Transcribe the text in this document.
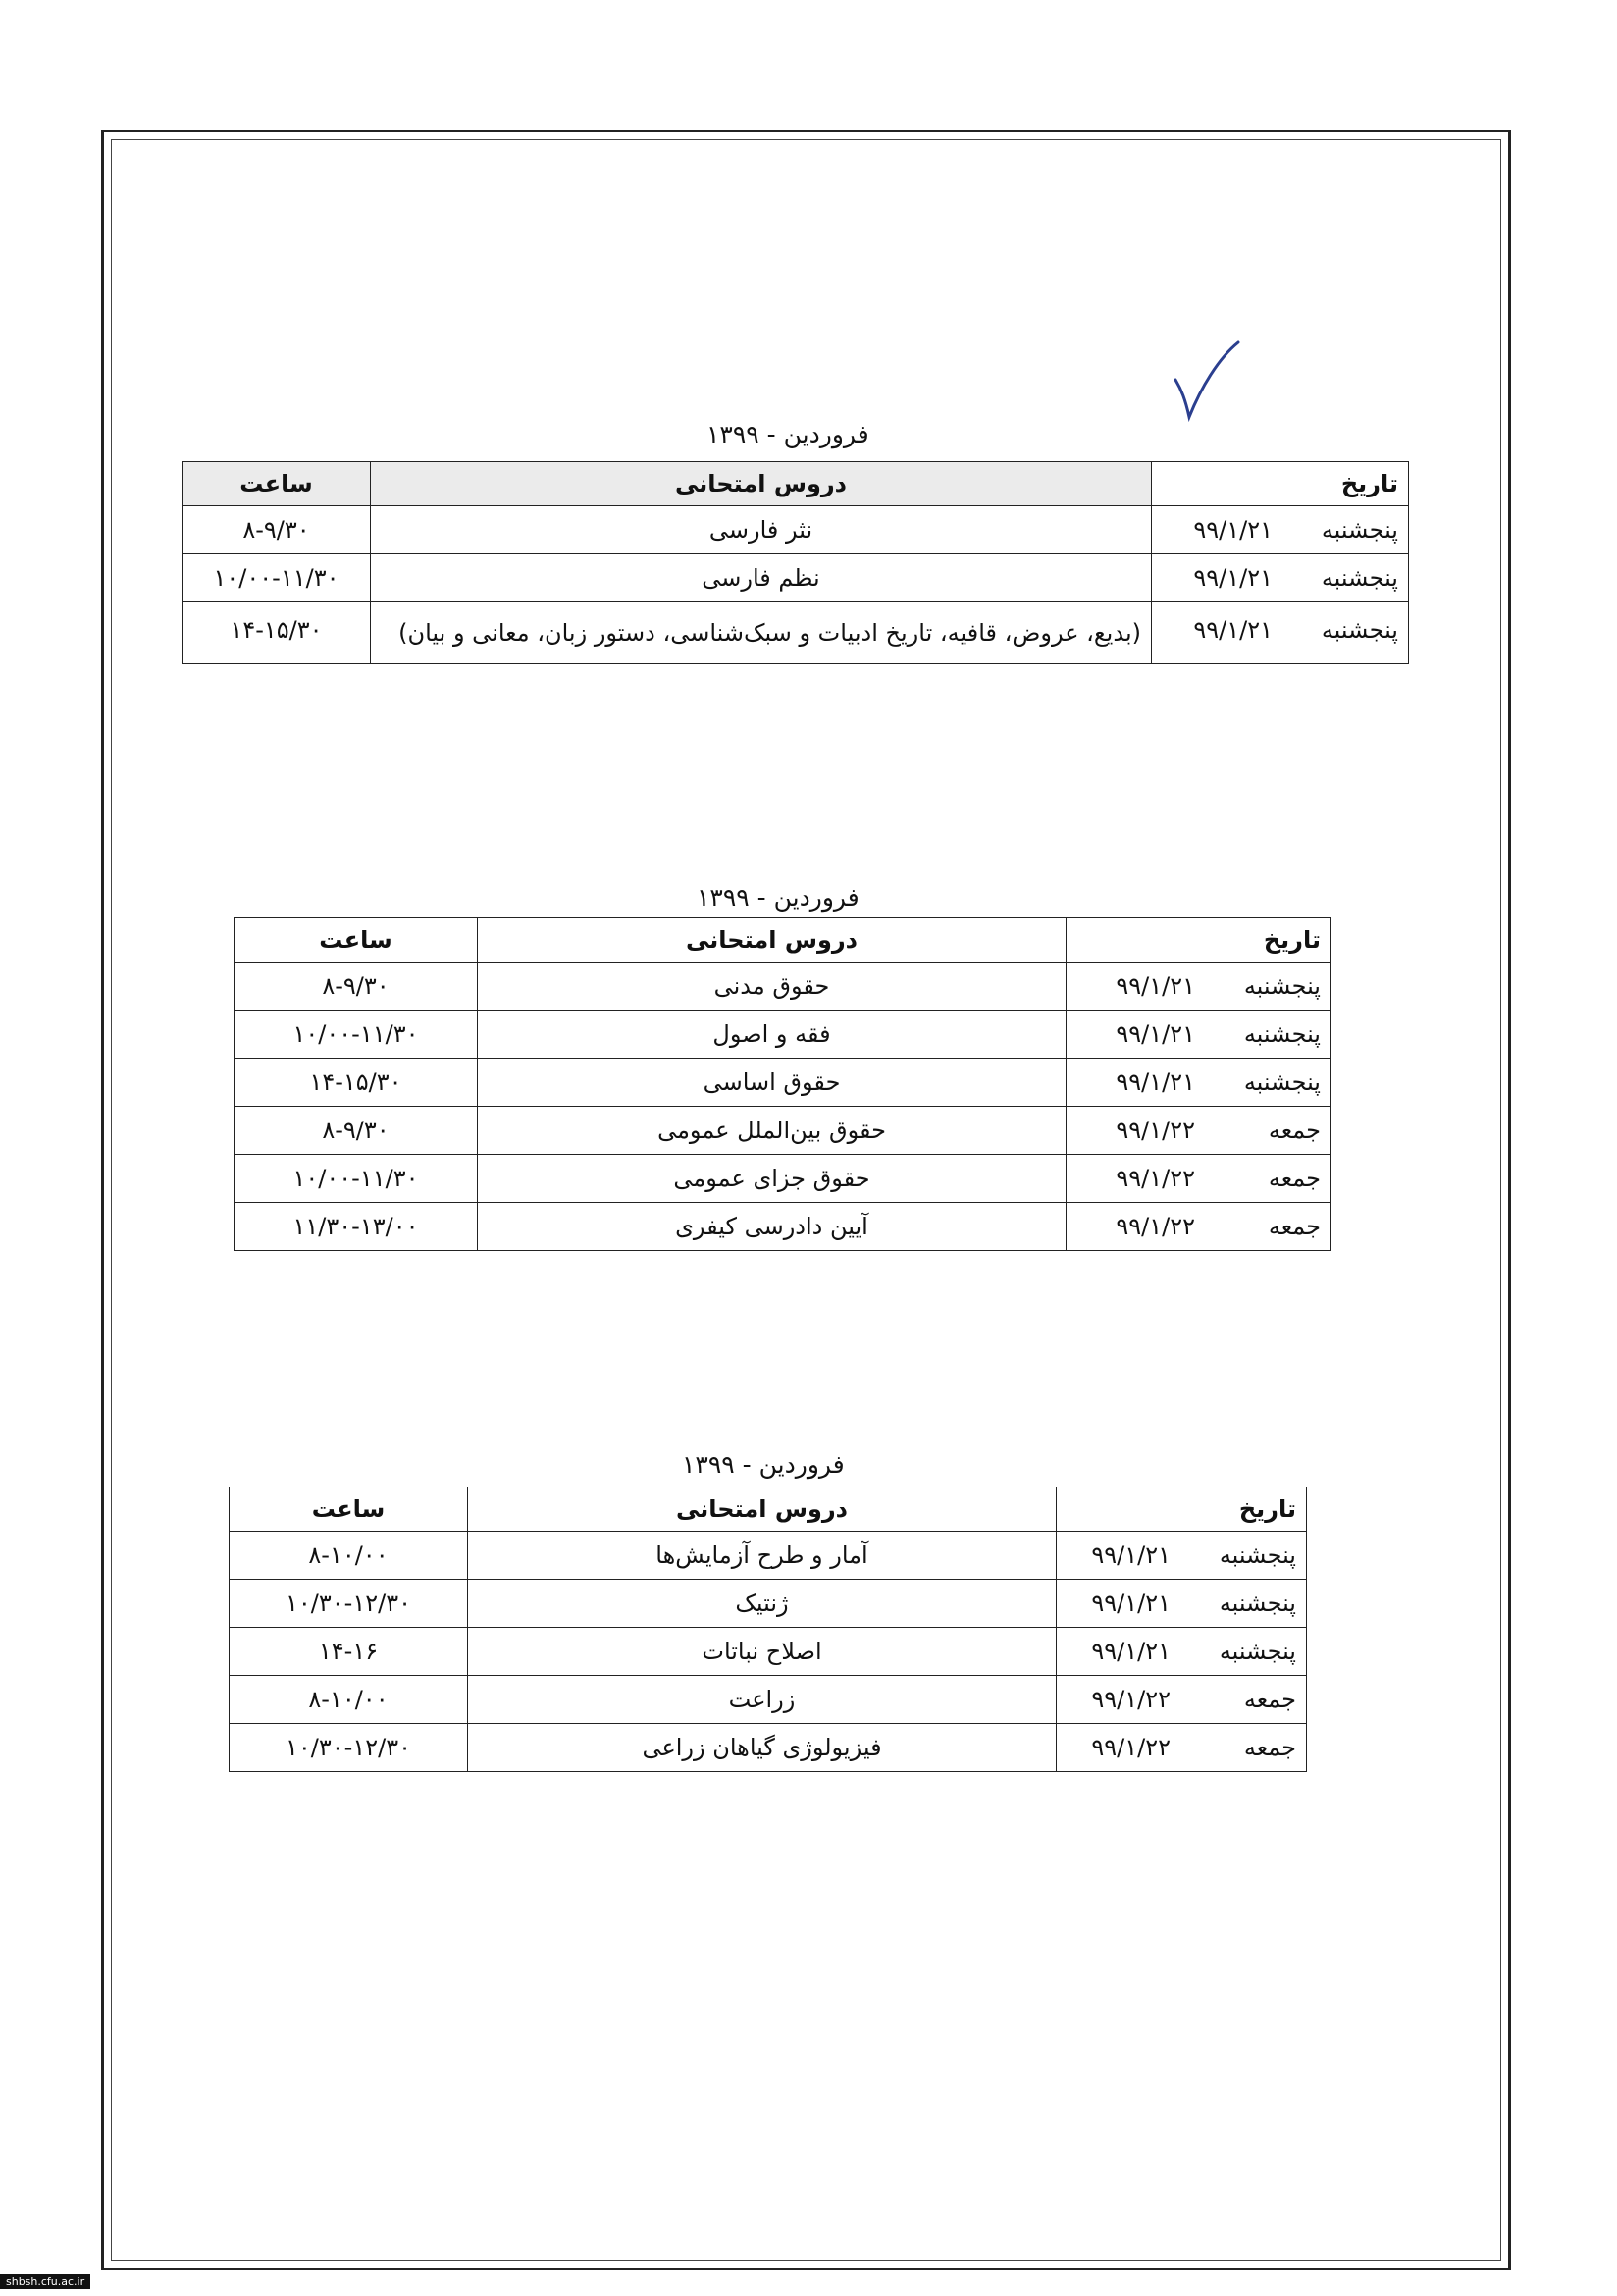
فروردین - ۱۳۹۹
تاریخ	دروس امتحانی	ساعت
پنجشنبه۹۹/۱/۲۱	نثر فارسی	۸-۹/۳۰
پنجشنبه۹۹/۱/۲۱	نظم فارسی	۱۰/۰۰-۱۱/۳۰
پنجشنبه۹۹/۱/۲۱	(بدیع، عروض، قافیه، تاریخ ادبیات و سبک‌شناسی، دستور زبان، معانی و بیان)	۱۴-۱۵/۳۰
فروردین - ۱۳۹۹
تاریخ	دروس امتحانی	ساعت
پنجشنبه۹۹/۱/۲۱	حقوق مدنی	۸-۹/۳۰
پنجشنبه۹۹/۱/۲۱	فقه و اصول	۱۰/۰۰-۱۱/۳۰
پنجشنبه۹۹/۱/۲۱	حقوق اساسی	۱۴-۱۵/۳۰
جمعه۹۹/۱/۲۲	حقوق بین‌الملل عمومی	۸-۹/۳۰
جمعه۹۹/۱/۲۲	حقوق جزای عمومی	۱۰/۰۰-۱۱/۳۰
جمعه۹۹/۱/۲۲	آیین دادرسی کیفری	۱۱/۳۰-۱۳/۰۰
فروردین - ۱۳۹۹
تاریخ	دروس امتحانی	ساعت
پنجشنبه۹۹/۱/۲۱	آمار و طرح آزمایش‌ها	۸-۱۰/۰۰
پنجشنبه۹۹/۱/۲۱	ژنتیک	۱۰/۳۰-۱۲/۳۰
پنجشنبه۹۹/۱/۲۱	اصلاح نباتات	۱۴-۱۶
جمعه۹۹/۱/۲۲	زراعت	۸-۱۰/۰۰
جمعه۹۹/۱/۲۲	فیزیولوژی گیاهان زراعی	۱۰/۳۰-۱۲/۳۰
shbsh.cfu.ac.ir
